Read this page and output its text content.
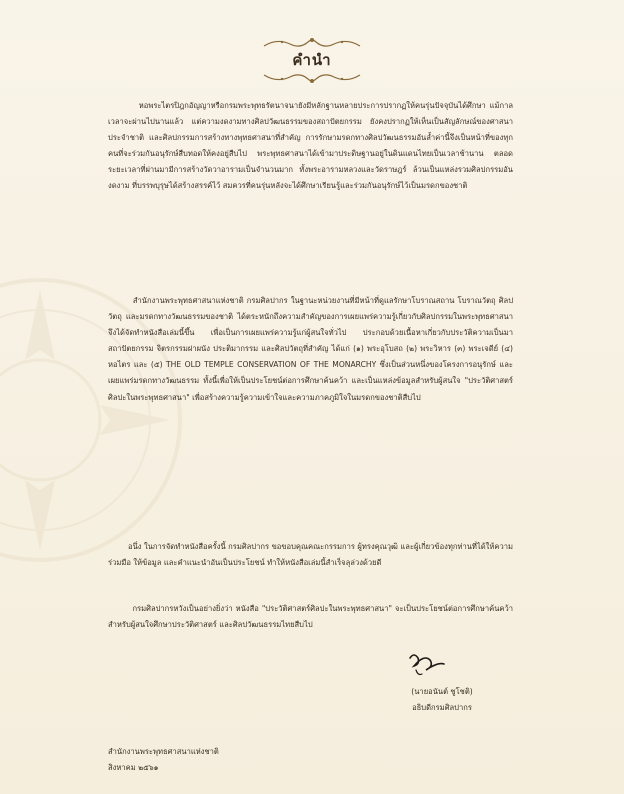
คำนำ
หอพระไตรปิฎกอัญญาหรือกรมพระพุทธรัตนาจนายังมีหลักฐานหลายประการปรากฏให้คนรุ่นปัจจุบันได้ศึกษา แม้กาลเวลาจะผ่านไปนานแล้ว แต่ความงดงามทางศิลปวัฒนธรรมของสถาปัตยกรรม ยังคงปรากฏให้เห็นเป็นสัญลักษณ์ของศาสนาประจำชาติ และศิลปกรรมการสร้างทางพุทธศาสนาที่สำคัญ การรักษามรดกทางศิลปวัฒนธรรมอันล้ำค่านี้จึงเป็นหน้าที่ของทุกคนที่จะร่วมกันอนุรักษ์สืบทอดให้คงอยู่สืบไป พระพุทธศาสนาได้เข้ามาประดิษฐานอยู่ในดินแดนไทยเป็นเวลาช้านาน ตลอดระยะเวลาที่ผ่านมามีการสร้างวัดวาอารามเป็นจำนวนมาก ทั้งพระอารามหลวงและวัดราษฎร์ ล้วนเป็นแหล่งรวมศิลปกรรมอันงดงาม ที่บรรพบุรุษได้สร้างสรรค์ไว้ สมควรที่คนรุ่นหลังจะได้ศึกษาเรียนรู้และร่วมกันอนุรักษ์ไว้เป็นมรดกของชาติ
สำนักงานพระพุทธศาสนาแห่งชาติ กรมศิลปากร ในฐานะหน่วยงานที่มีหน้าที่ดูแลรักษาโบราณสถาน โบราณวัตถุ ศิลปวัตถุ และมรดกทางวัฒนธรรมของชาติ ได้ตระหนักถึงความสำคัญของการเผยแพร่ความรู้เกี่ยวกับศิลปกรรมในพระพุทธศาสนา จึงได้จัดทำหนังสือเล่มนี้ขึ้น เพื่อเป็นการเผยแพร่ความรู้แก่ผู้สนใจทั่วไป ประกอบด้วยเนื้อหาเกี่ยวกับประวัติความเป็นมา สถาปัตยกรรม จิตรกรรมฝาผนัง ประติมากรรม และศิลปวัตถุที่สำคัญ ได้แก่ (๑) พระอุโบสถ (๒) พระวิหาร (๓) พระเจดีย์ (๔) หอไตร และ (๕) THE OLD TEMPLE CONSERVATION OF THE MONARCHY ซึ่งเป็นส่วนหนึ่งของโครงการอนุรักษ์ และเผยแพร่มรดกทางวัฒนธรรม ทั้งนี้เพื่อให้เป็นประโยชน์ต่อการศึกษาค้นคว้า และเป็นแหล่งข้อมูลสำหรับผู้สนใจ "ประวัติศาสตร์ศิลปะในพระพุทธศาสนา" เพื่อสร้างความรู้ความเข้าใจและความภาคภูมิใจในมรดกของชาติสืบไป
อนึ่ง ในการจัดทำหนังสือครั้งนี้ กรมศิลปากร ขอขอบคุณคณะกรรมการ ผู้ทรงคุณวุฒิ และผู้เกี่ยวข้องทุกท่านที่ได้ให้ความร่วมมือ ให้ข้อมูล และคำแนะนำอันเป็นประโยชน์ ทำให้หนังสือเล่มนี้สำเร็จลุล่วงด้วยดี
กรมศิลปากรหวังเป็นอย่างยิ่งว่า หนังสือ "ประวัติศาสตร์ศิลปะในพระพุทธศาสนา" จะเป็นประโยชน์ต่อการศึกษาค้นคว้าสำหรับผู้สนใจศึกษาประวัติศาสตร์ และศิลปวัฒนธรรมไทยสืบไป
(นายอนันต์ ชูโชติ)
อธิบดีกรมศิลปากร
สำนักงานพระพุทธศาสนาแห่งชาติ
สิงหาคม ๒๕๖๑
